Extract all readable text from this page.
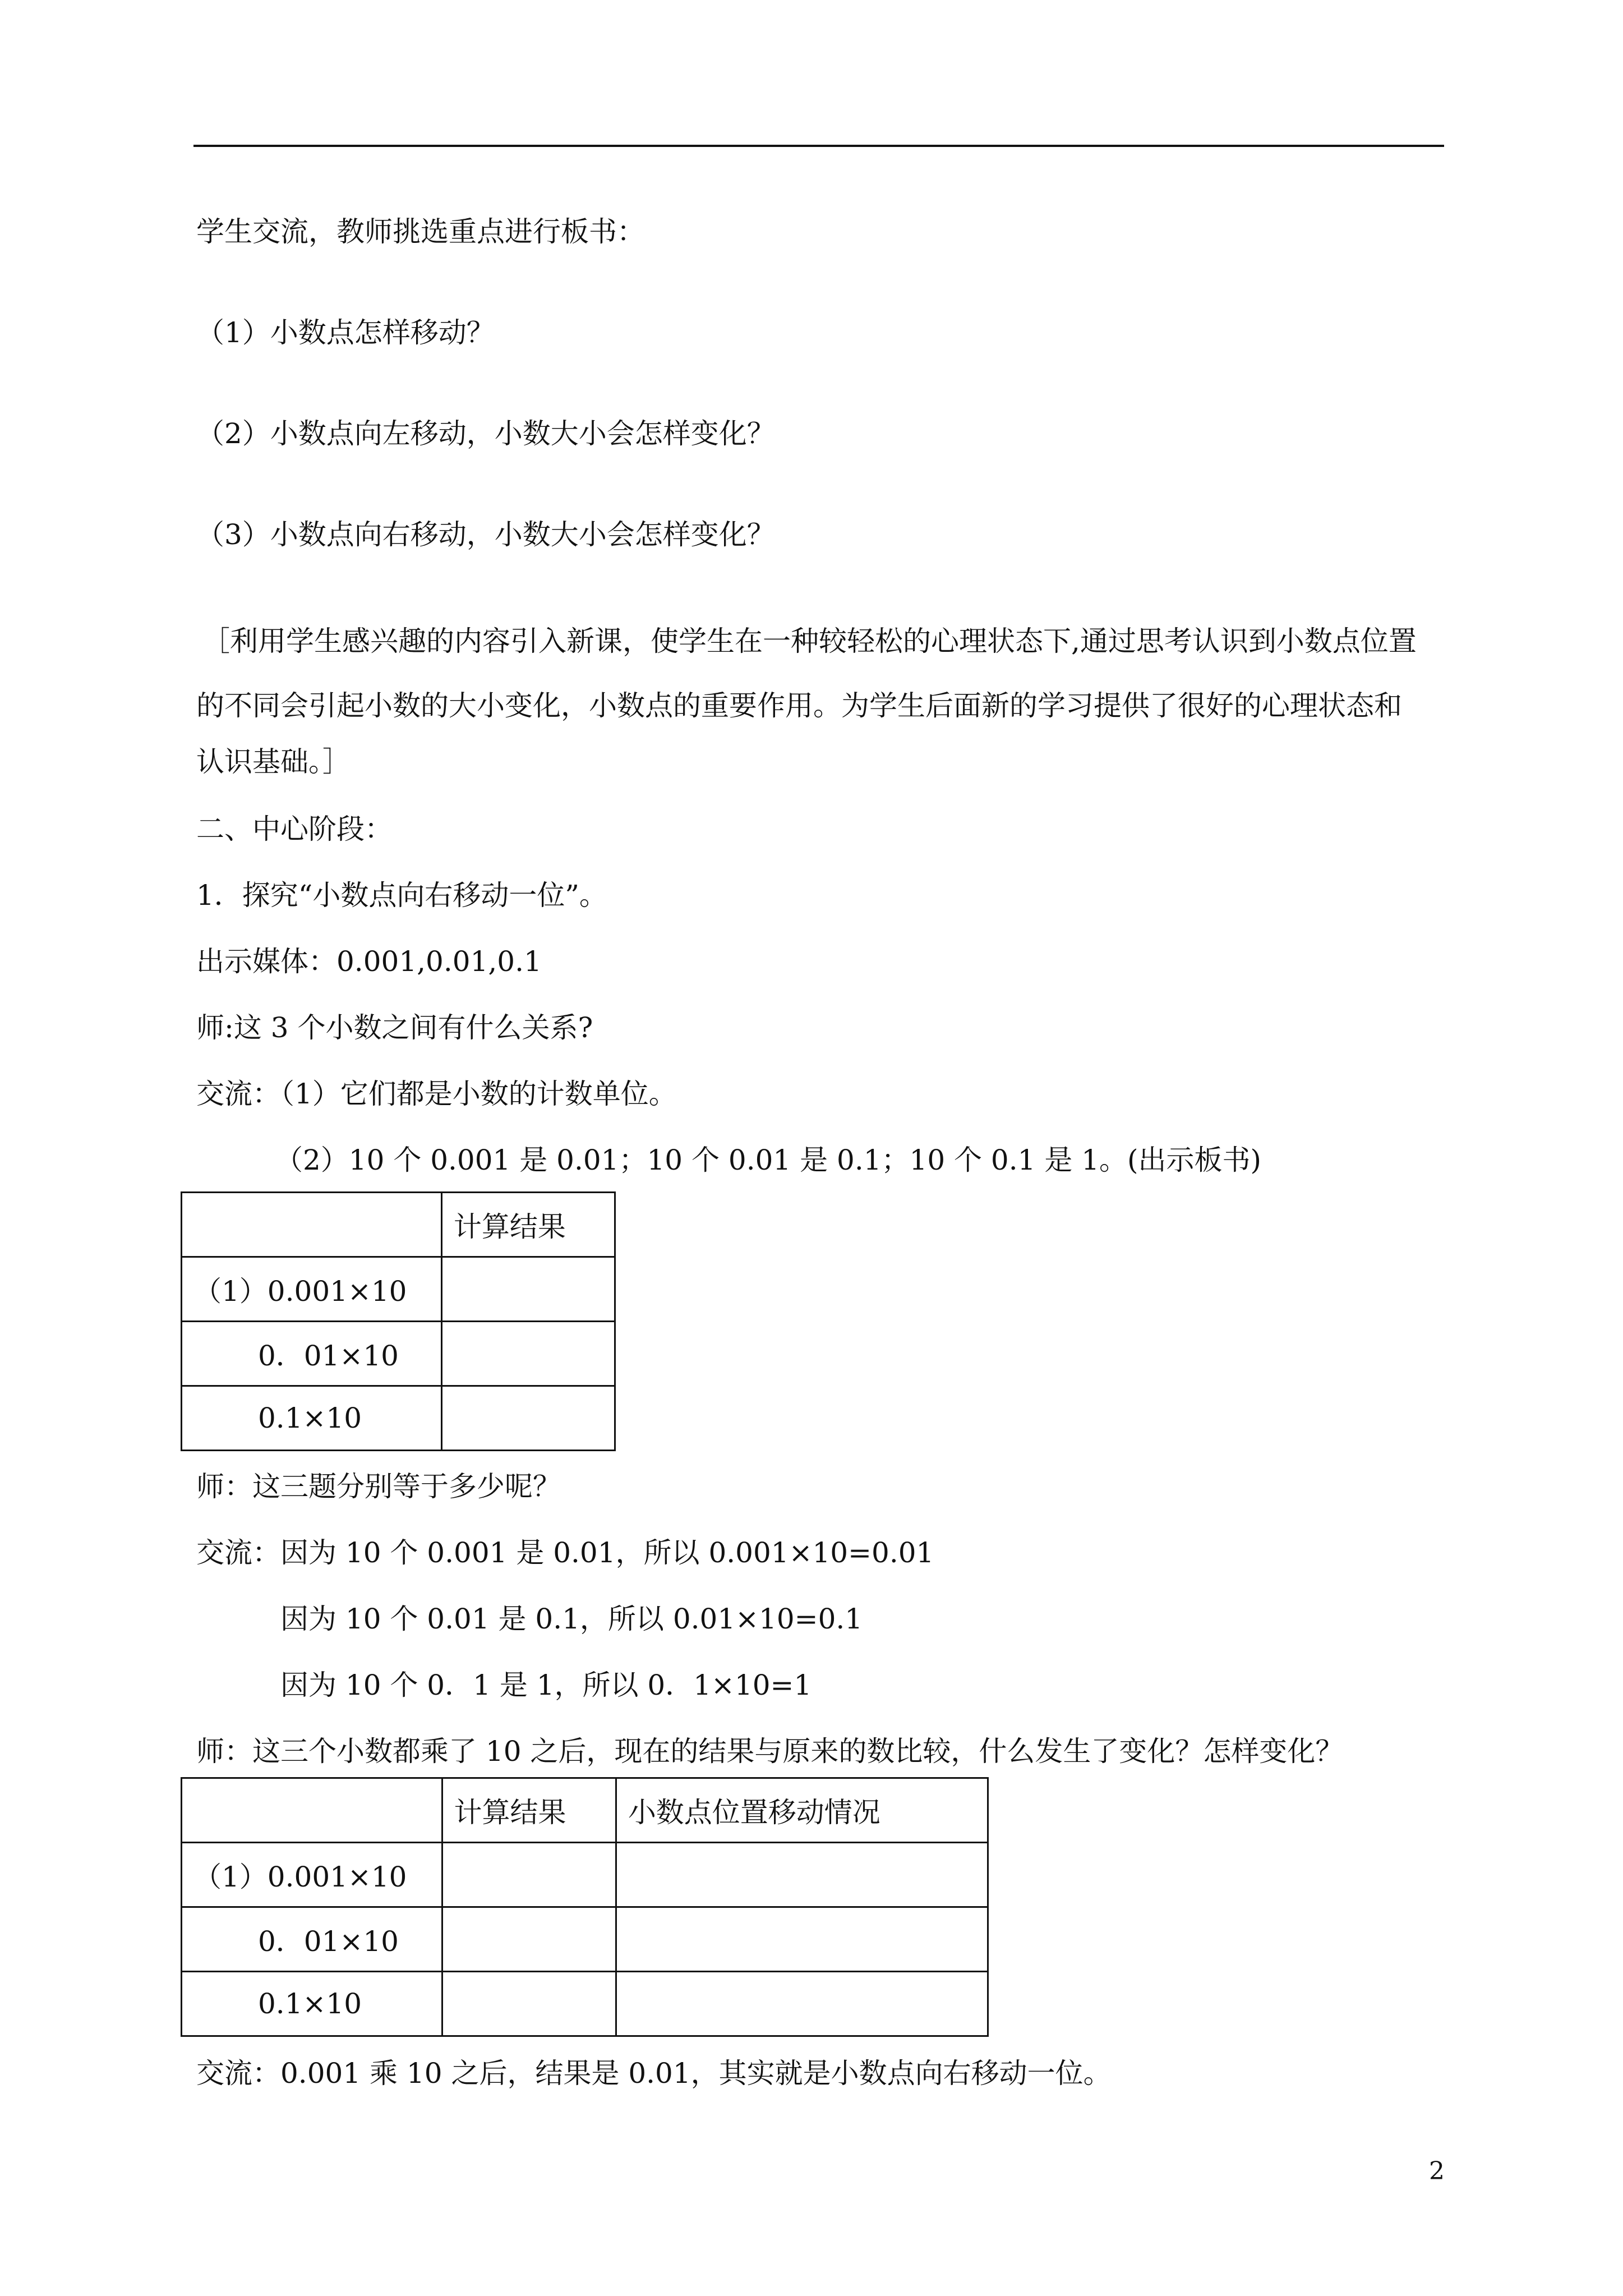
学生交流，教师挑选重点进行板书：
（1）小数点怎样移动？
（2）小数点向左移动，小数大小会怎样变化？
（3）小数点向右移动，小数大小会怎样变化？
［利用学生感兴趣的内容引入新课，使学生在一种较轻松的心理状态下,通过思考认识到小数点位置
的不同会引起小数的大小变化，小数点的重要作用。为学生后面新的学习提供了很好的心理状态和
认识基础。］
二、中心阶段：
1．探究“小数点向右移动一位”。
出示媒体：0.001,0.01,0.1
师:这 3 个小数之间有什么关系?
交流：（1）它们都是小数的计数单位。
（2）10 个 0.001 是 0.01；10 个 0.01 是 0.1；10 个 0.1 是 1。(出示板书)
	计算结果
（1）0.001×10	
0．01×10	
0.1×10	
师：这三题分别等于多少呢？
交流：因为 10 个 0.001 是 0.01，所以 0.001×10=0.01
因为 10 个 0.01 是 0.1，所以 0.01×10=0.1
因为 10 个 0．1 是 1，所以 0．1×10=1
师：这三个小数都乘了 10 之后，现在的结果与原来的数比较，什么发生了变化？怎样变化？
	计算结果	小数点位置移动情况
（1）0.001×10		
0．01×10		
0.1×10		
交流：0.001 乘 10 之后，结果是 0.01，其实就是小数点向右移动一位。
2
